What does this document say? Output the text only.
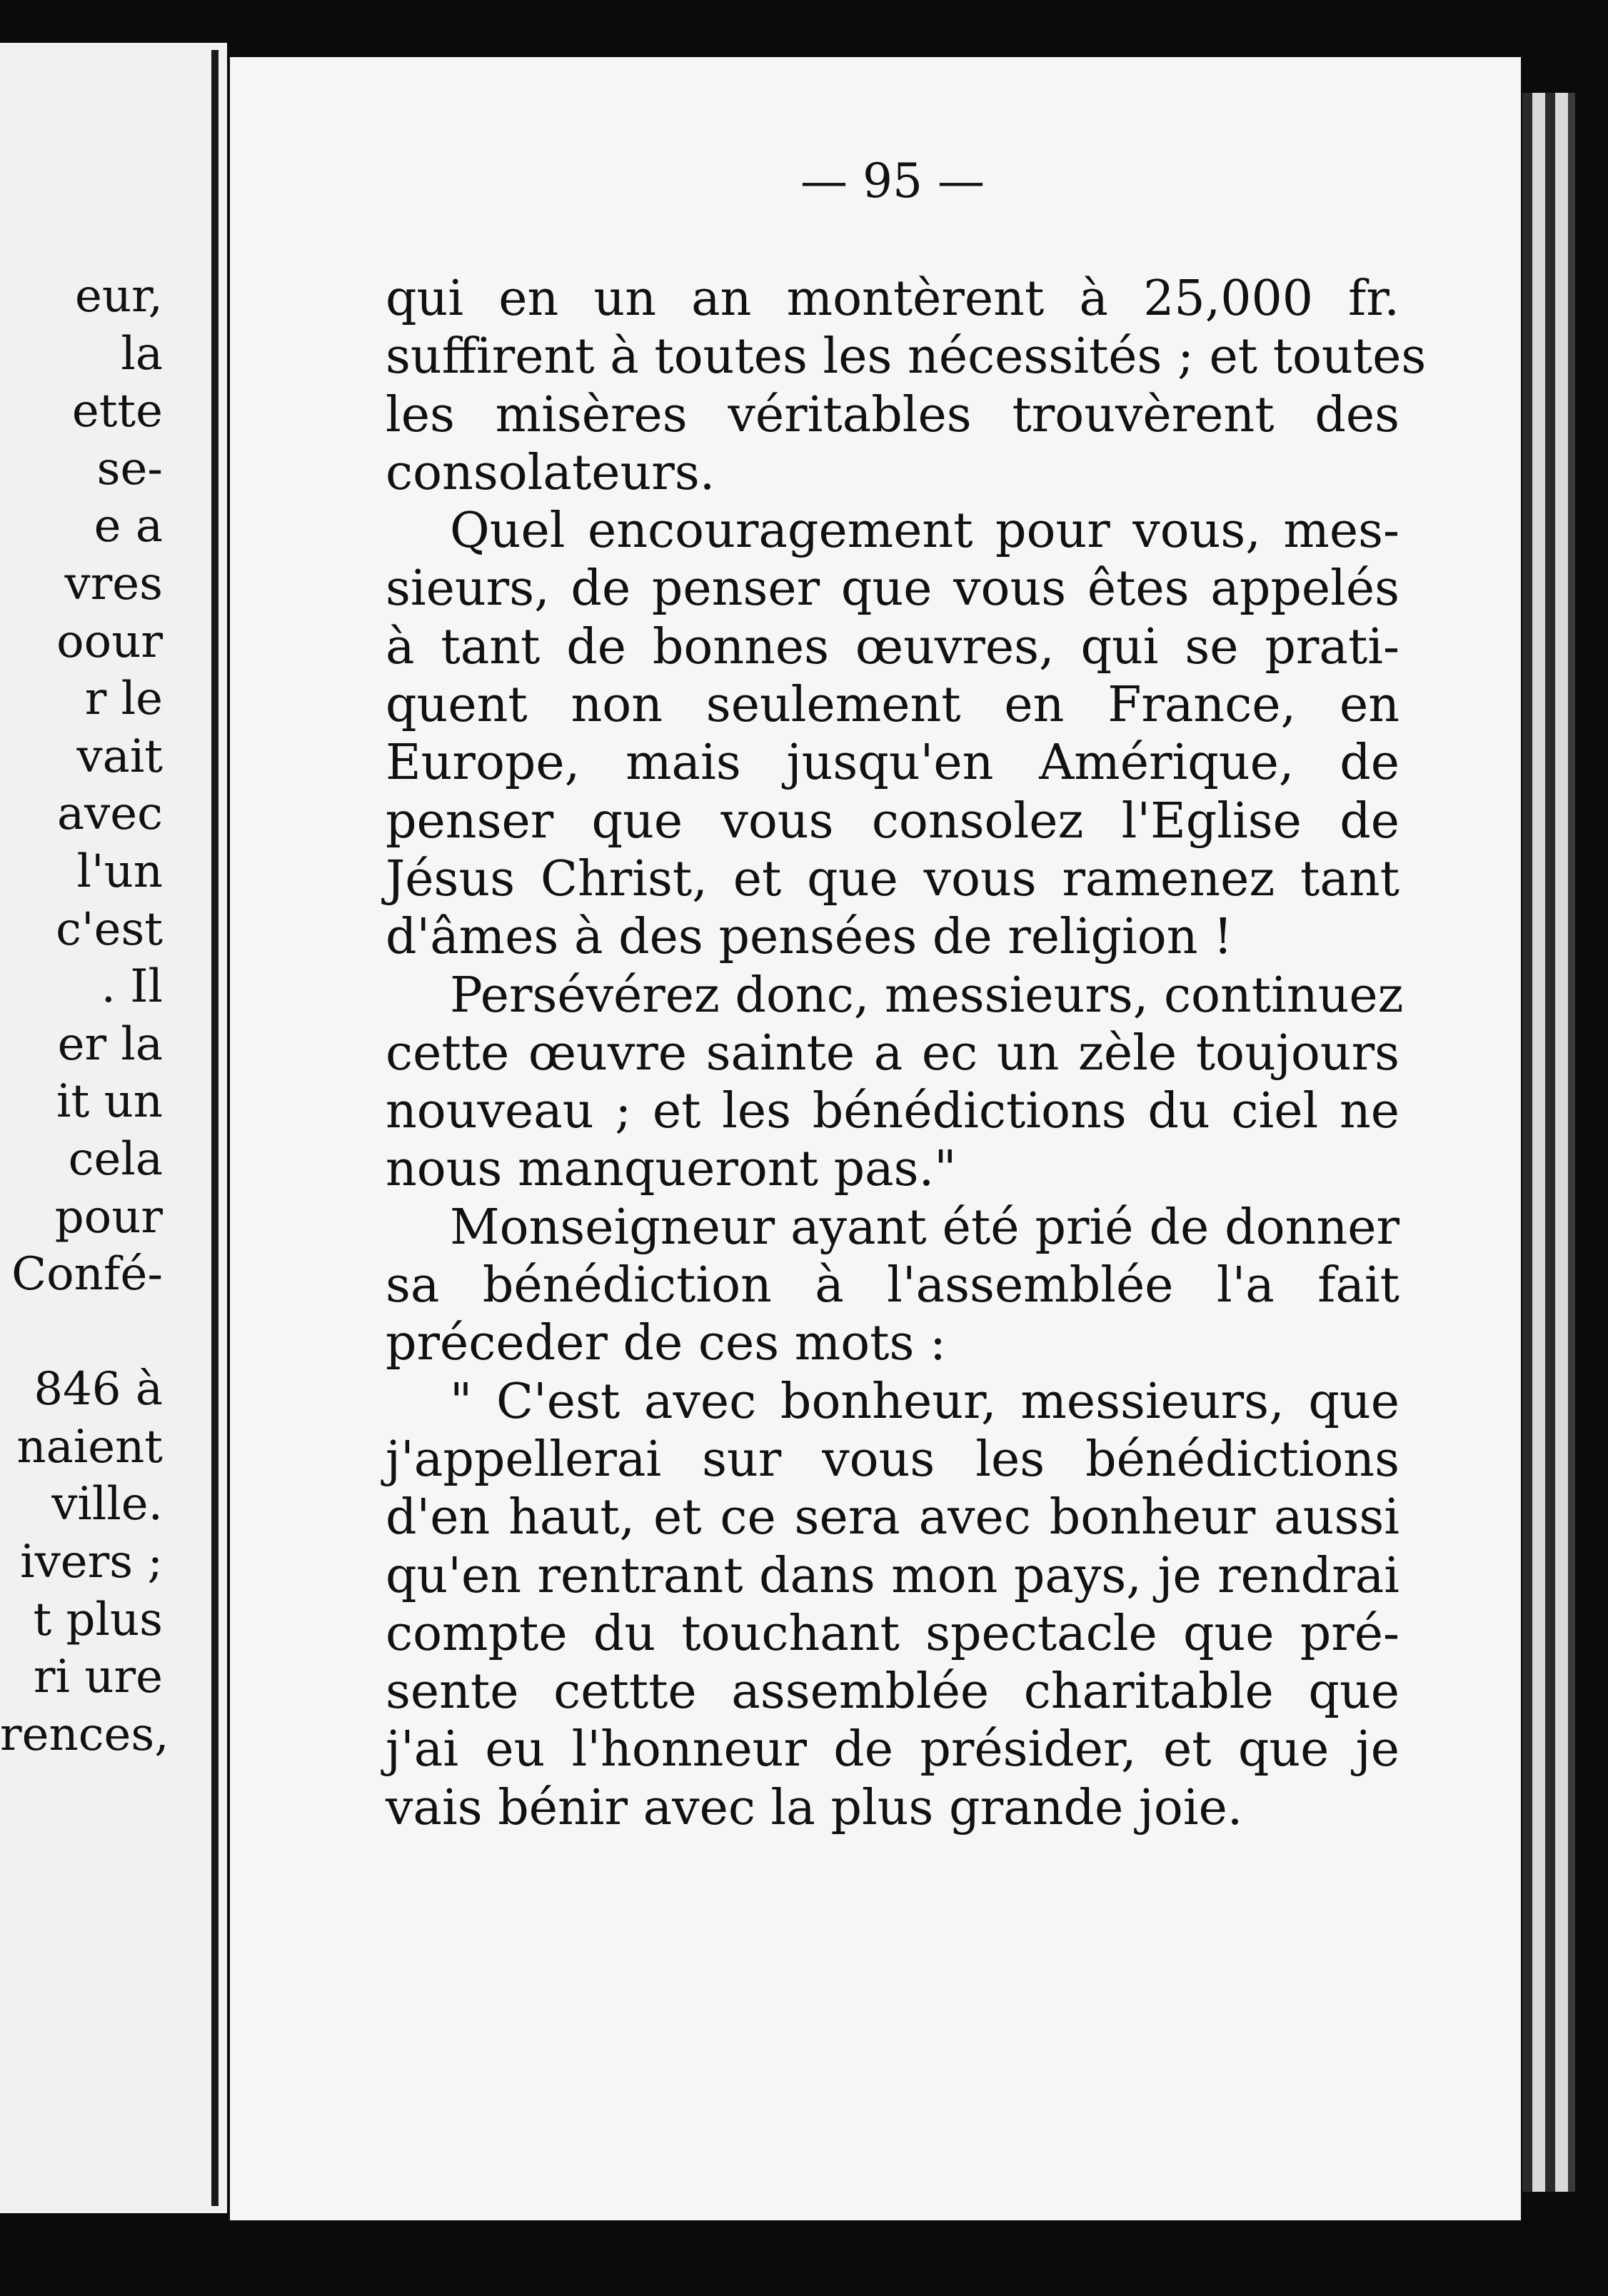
eur,
la
ette
se-
e a
vres
oour
r le
vait
avec
l'un
c'est
. Il
er la
it un
cela
pour
Confé-
846 à
naient
ville.
ivers ;
t plus
ri ure
rences,
— 95 —
qui en un an montèrent à 25,000 fr.
suffirent à toutes les nécessités ; et toutes
les misères véritables trouvèrent des
consolateurs.
Quel encouragement pour vous, mes-
sieurs, de penser que vous êtes appelés
à tant de bonnes œuvres, qui se prati-
quent non seulement en France, en
Europe, mais jusqu'en Amérique, de
penser que vous consolez l'Eglise de
Jésus Christ, et que vous ramenez tant
d'âmes à des pensées de religion !
Persévérez donc, messieurs, continuez
cette œuvre sainte a ec un zèle toujours
nouveau ; et les bénédictions du ciel ne
nous manqueront pas."
Monseigneur ayant été prié de donner
sa bénédiction à l'assemblée l'a fait
préceder de ces mots :
" C'est avec bonheur, messieurs, que
j'appellerai sur vous les bénédictions
d'en haut, et ce sera avec bonheur aussi
qu'en rentrant dans mon pays, je rendrai
compte du touchant spectacle que pré-
sente cettte assemblée charitable que
j'ai eu l'honneur de présider, et que je
vais bénir avec la plus grande joie.
